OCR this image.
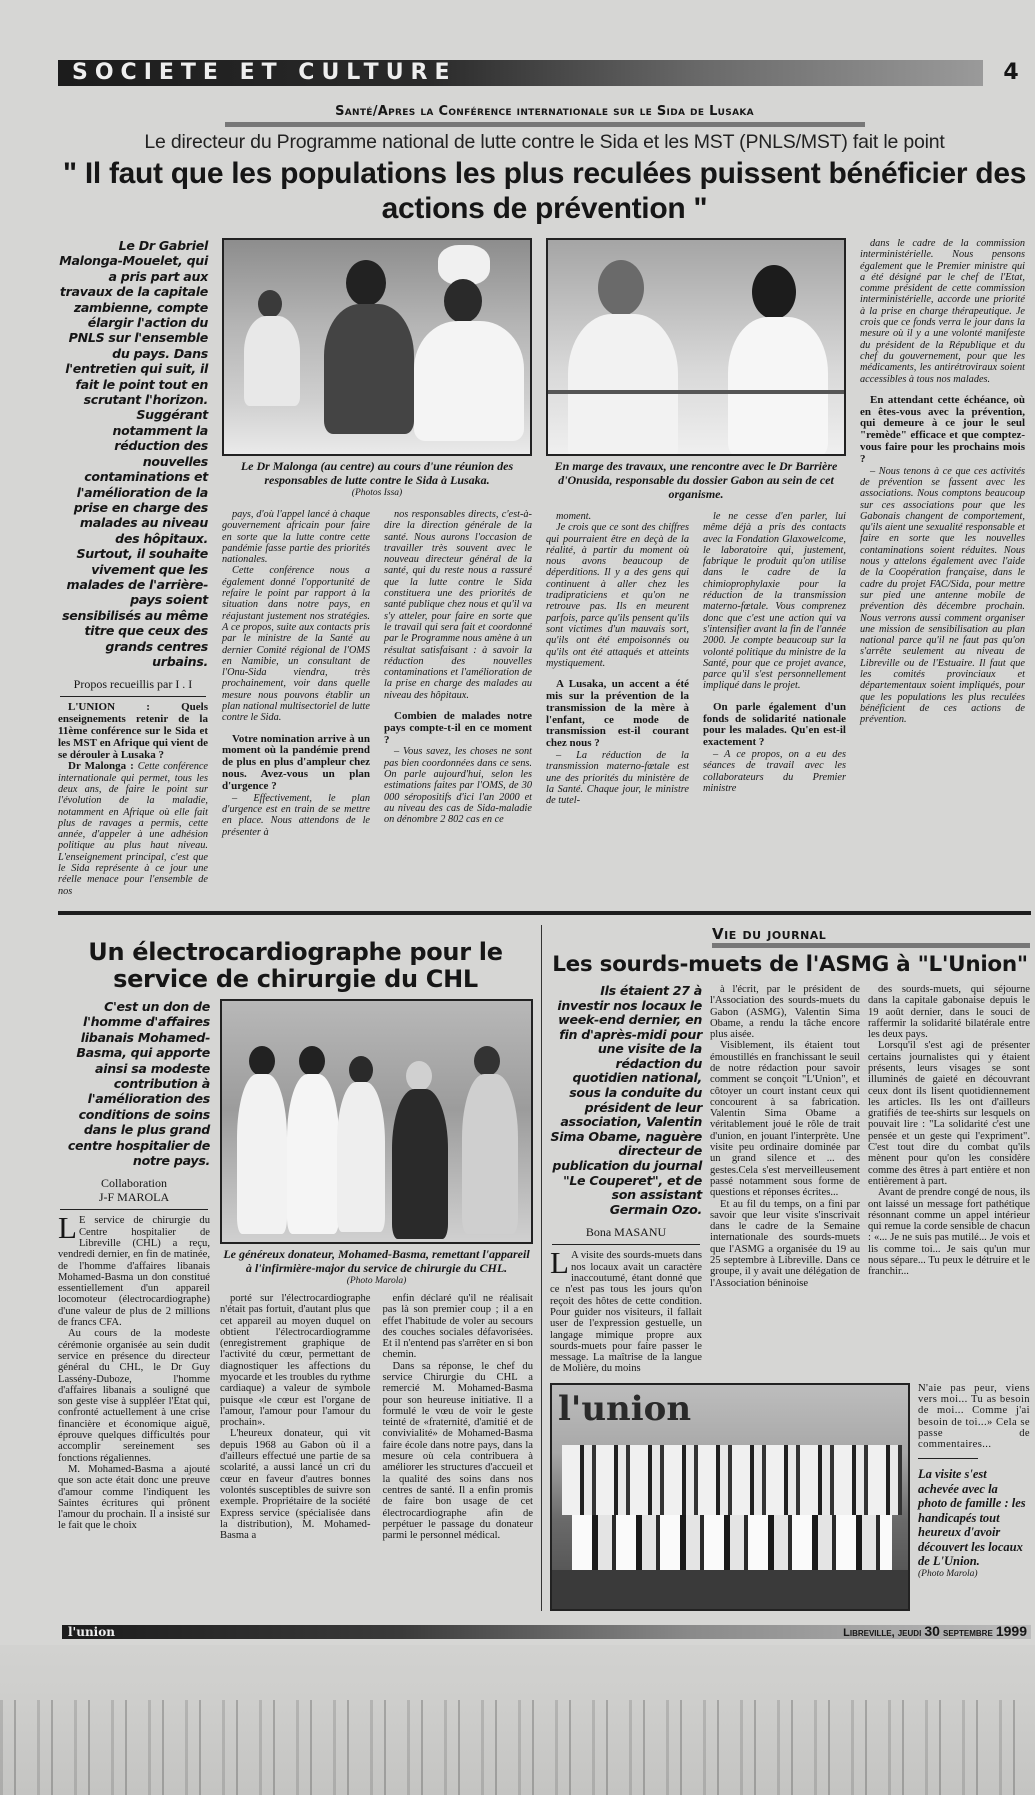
SOCIETE ET CULTURE	4
Santé/Apres la Conférence internationale sur le Sida de Lusaka
Le directeur du Programme national de lutte contre le Sida et les MST (PNLS/MST) fait le point
" Il faut que les populations les plus reculées puissent bénéficier des actions de prévention "
Le Dr Gabriel Malonga-Mouelet, qui a pris part aux travaux de la capitale zambienne, compte élargir l'action du PNLS sur l'ensemble du pays. Dans l'entretien qui suit, il fait le point tout en scrutant l'horizon. Suggérant notamment la réduction des nouvelles contaminations et l'amélioration de la prise en charge des malades au niveau des hôpitaux. Surtout, il souhaite vivement que les malades de l'arrière-pays soient sensibilisés au même titre que ceux des grands centres urbains.
Propos recueillis par I . I

L'UNION : Quels enseignements retenir de la 11ème conférence sur le Sida et les MST en Afrique qui vient de se dérouler à Lusaka ?

Dr Malonga : Cette conférence internationale qui permet, tous les deux ans, de faire le point sur l'évolution de la maladie, notamment en Afrique où elle fait plus de ravages a permis, cette année, d'appeler à une adhésion politique au plus haut niveau. L'enseignement principal, c'est que le Sida représente à ce jour une réelle menace pour l'ensemble de nos

Le Dr Malonga (au centre) au cours d'une réunion des responsables de lutte contre le Sida à Lusaka.
(Photos Issa)

pays, d'où l'appel lancé à chaque gouvernement africain pour faire en sorte que la lutte contre cette pandémie fasse partie des priorités nationales.

Cette conférence nous a également donné l'opportunité de refaire le point par rapport à la situation dans notre pays, en réajustant justement nos stratégies. A ce propos, suite aux contacts pris par le ministre de la Santé au dernier Comité régional de l'OMS en Namibie, un consultant de l'Onu-Sida viendra, très prochainement, voir dans quelle mesure nous pouvons établir un plan national multisectoriel de lutte contre le Sida.

Votre nomination arrive à un moment où la pandémie prend de plus en plus d'ampleur chez nous. Avez-vous un plan d'urgence ?

– Effectivement, le plan d'urgence est en train de se mettre en place. Nous attendons de le présenter à

nos responsables directs, c'est-à-dire la direction générale de la santé. Nous aurons l'occasion de travailler très souvent avec le nouveau directeur général de la santé, qui du reste nous a rassuré que la lutte contre le Sida constituera une des priorités de santé publique chez nous et qu'il va s'y atteler, pour faire en sorte que le travail qui sera fait et coordonné par le Programme nous amène à un résultat satisfaisant : à savoir la réduction des nouvelles contaminations et l'amélioration de la prise en charge des malades au niveau des hôpitaux.

Combien de malades notre pays compte-t-il en ce moment ?

– Vous savez, les choses ne sont pas bien coordonnées dans ce sens. On parle aujourd'hui, selon les estimations faites par l'OMS, de 30 000 séropositifs d'ici l'an 2000 et au niveau des cas de Sida-maladie on dénombre 2 802 cas en ce

En marge des travaux, une rencontre avec le Dr Barrière d'Onusida, responsable du dossier Gabon au sein de cet organisme.

moment.

Je crois que ce sont des chiffres qui pourraient être en deçà de la réalité, à partir du moment où nous avons beaucoup de déperditions. Il y a des gens qui continuent à aller chez les tradipraticiens et qu'on ne retrouve pas. Ils en meurent parfois, parce qu'ils pensent qu'ils sont victimes d'un mauvais sort, qu'ils ont été empoisonnés ou qu'ils ont été attaqués et atteints mystiquement.

A Lusaka, un accent a été mis sur la prévention de la transmission de la mère à l'enfant, ce mode de transmission est-il courant chez nous ?

– La réduction de la transmission materno-fœtale est une des priorités du ministère de la Santé. Chaque jour, le ministre de tutel-

le ne cesse d'en parler, lui même déjà a pris des contacts avec la Fondation Glaxowelcome, le laboratoire qui, justement, fabrique le produit qu'on utilise dans le cadre de la chimioprophylaxie pour la réduction de la transmission materno-fœtale. Vous comprenez donc que c'est une action qui va s'intensifier avant la fin de l'année 2000. Je compte beaucoup sur la volonté politique du ministre de la Santé, pour que ce projet avance, parce qu'il s'est personnellement impliqué dans le projet.

On parle également d'un fonds de solidarité nationale pour les malades. Qu'en est-il exactement ?

– A ce propos, on a eu des séances de travail avec les collaborateurs du Premier ministre

dans le cadre de la commission interministérielle. Nous pensons également que le Premier ministre qui a été désigné par le chef de l'Etat, comme président de cette commission interministérielle, accorde une priorité à la prise en charge thérapeutique. Je crois que ce fonds verra le jour dans la mesure où il y a une volonté manifeste du président de la République et du chef du gouvernement, pour que les médicaments, les antirétroviraux soient accessibles à tous nos malades.

En attendant cette échéance, où en êtes-vous avec la prévention, qui demeure à ce jour le seul "remède" efficace et que comptez-vous faire pour les prochains mois ?

– Nous tenons à ce que ces activités de prévention se fassent avec les associations. Nous comptons beaucoup sur ces associations pour que les Gabonais changent de comportement, qu'ils aient une sexualité responsable et faire en sorte que les nouvelles contaminations soient réduites. Nous nous y attelons également avec l'aide de la Coopération française, dans le cadre du projet FAC/Sida, pour mettre sur pied une antenne mobile de prévention dès décembre prochain. Nous verrons aussi comment organiser une mission de sensibilisation au plan national parce qu'il ne faut pas qu'on s'arrête seulement au niveau de Libreville ou de l'Estuaire. Il faut que les comités provinciaux et départementaux soient impliqués, pour que les populations les plus reculées bénéficient de ces actions de prévention.

Un électrocardiographe pour le service de chirurgie du CHL
C'est un don de l'homme d'affaires libanais Mohamed-Basma, qui apporte ainsi sa modeste contribution à l'amélioration des conditions de soins dans le plus grand centre hospitalier de notre pays.
Collaboration
J-F MAROLA

L E service de chirurgie du Centre hospitalier de Libreville (CHL) a reçu, vendredi dernier, en fin de matinée, de l'homme d'affaires libanais Mohamed-Basma un don constitué essentiellement d'un appareil locomoteur (électrocardiographe) d'une valeur de plus de 2 millions de francs CFA.

Au cours de la modeste cérémonie organisée au sein dudit service en présence du directeur général du CHL, le Dr Guy Lassény-Duboze, l'homme d'affaires libanais a souligné que son geste vise à suppléer l'Etat qui, confronté actuellement à une crise financière et économique aiguë, éprouve quelques difficultés pour accomplir sereinement ses fonctions régaliennes.

M. Mohamed-Basma a ajouté que son acte était donc une preuve d'amour comme l'indiquent les Saintes écritures qui prônent l'amour du prochain. Il a insisté sur le fait que le choix

Le généreux donateur, Mohamed-Basma, remettant l'appareil à l'infirmière-major du service de chirurgie du CHL.
(Photo Marola)

porté sur l'électrocardiographe n'était pas fortuit, d'autant plus que cet appareil au moyen duquel on obtient l'électrocardiogramme (enregistrement graphique de l'activité du cœur, permettant de diagnostiquer les affections du myocarde et les troubles du rythme cardiaque) a valeur de symbole puisque «le cœur est l'organe de l'amour, l'amour pour l'amour du prochain».

L'heureux donateur, qui vit depuis 1968 au Gabon où il a d'ailleurs effectué une partie de sa scolarité, a aussi lancé un cri du cœur en faveur d'autres bonnes volontés susceptibles de suivre son exemple. Propriétaire de la société Express service (spécialisée dans la distribution), M. Mohamed-Basma a

enfin déclaré qu'il ne réalisait pas là son premier coup ; il a en effet l'habitude de voler au secours des couches sociales défavorisées. Et il n'entend pas s'arrêter en si bon chemin.

Dans sa réponse, le chef du service Chirurgie du CHL a remercié M. Mohamed-Basma pour son heureuse initiative. Il a formulé le vœu de voir le geste teinté de «fraternité, d'amitié et de convivialité» de Mohamed-Basma faire école dans notre pays, dans la mesure où cela contribuera à améliorer les structures d'accueil et la qualité des soins dans nos centres de santé. Il a enfin promis de faire bon usage de cet électrocardiographe afin de perpétuer le passage du donateur parmi le personnel médical.

Vie du journal
Les sourds-muets de l'ASMG à "L'Union"
Ils étaient 27 à investir nos locaux le week-end dernier, en fin d'après-midi pour une visite de la rédaction du quotidien national, sous la conduite du président de leur association, Valentin Sima Obame, naguère directeur de publication du journal "Le Couperet", et de son assistant Germain Ozo.
Bona MASANU

L A visite des sourds-muets dans nos locaux avait un caractère inaccoutumé, étant donné que ce n'est pas tous les jours qu'on reçoit des hôtes de cette condition. Pour guider nos visiteurs, il fallait user de l'expression gestuelle, un langage mimique propre aux sourds-muets pour faire passer le message. La maîtrise de la langue de Molière, du moins

à l'écrit, par le président de l'Association des sourds-muets du Gabon (ASMG), Valentin Sima Obame, a rendu la tâche encore plus aisée.

Visiblement, ils étaient tout émoustillés en franchissant le seuil de notre rédaction pour savoir comment se conçoit "L'Union", et côtoyer un court instant ceux qui concourent à sa fabrication. Valentin Sima Obame a véritablement joué le rôle de trait d'union, en jouant l'interprète. Une visite peu ordinaire dominée par un grand silence et ... des gestes.Cela s'est merveilleusement passé notamment sous forme de questions et réponses écrites...

Et au fil du temps, on a fini par savoir que leur visite s'inscrivait dans le cadre de la Semaine internationale des sourds-muets que l'ASMG a organisée du 19 au 25 septembre à Libreville. Dans ce groupe, il y avait une délégation de l'Association béninoise

des sourds-muets, qui séjourne dans la capitale gabonaise depuis le 19 août dernier, dans le souci de raffermir la solidarité bilatérale entre les deux pays.

Lorsqu'il s'est agi de présenter certains journalistes qui y étaient présents, leurs visages se sont illuminés de gaieté en découvrant ceux dont ils lisent quotidiennement les articles. Ils les ont d'ailleurs gratifiés de tee-shirts sur lesquels on pouvait lire : "La solidarité c'est une pensée et un geste qui l'expriment". C'est tout dire du combat qu'ils mènent pour qu'on les considère comme des êtres à part entière et non entièrement à part.

Avant de prendre congé de nous, ils ont laissé un message fort pathétique résonnant comme un appel intérieur qui remue la corde sensible de chacun : «... Je ne suis pas mutilé... Je vois et lis comme toi... Je sais qu'un mur nous sépare... Tu peux le détruire et le franchir...

l'union

N'aie pas peur, viens vers moi... Tu as besoin de moi... Comme j'ai besoin de toi...» Cela se passe de commentaires...

La visite s'est achevée avec la photo de famille : les handicapés tout heureux d'avoir découvert les locaux de L'Union.
(Photo Marola)
l'union	Libreville, jeudi 30 septembre 1999
